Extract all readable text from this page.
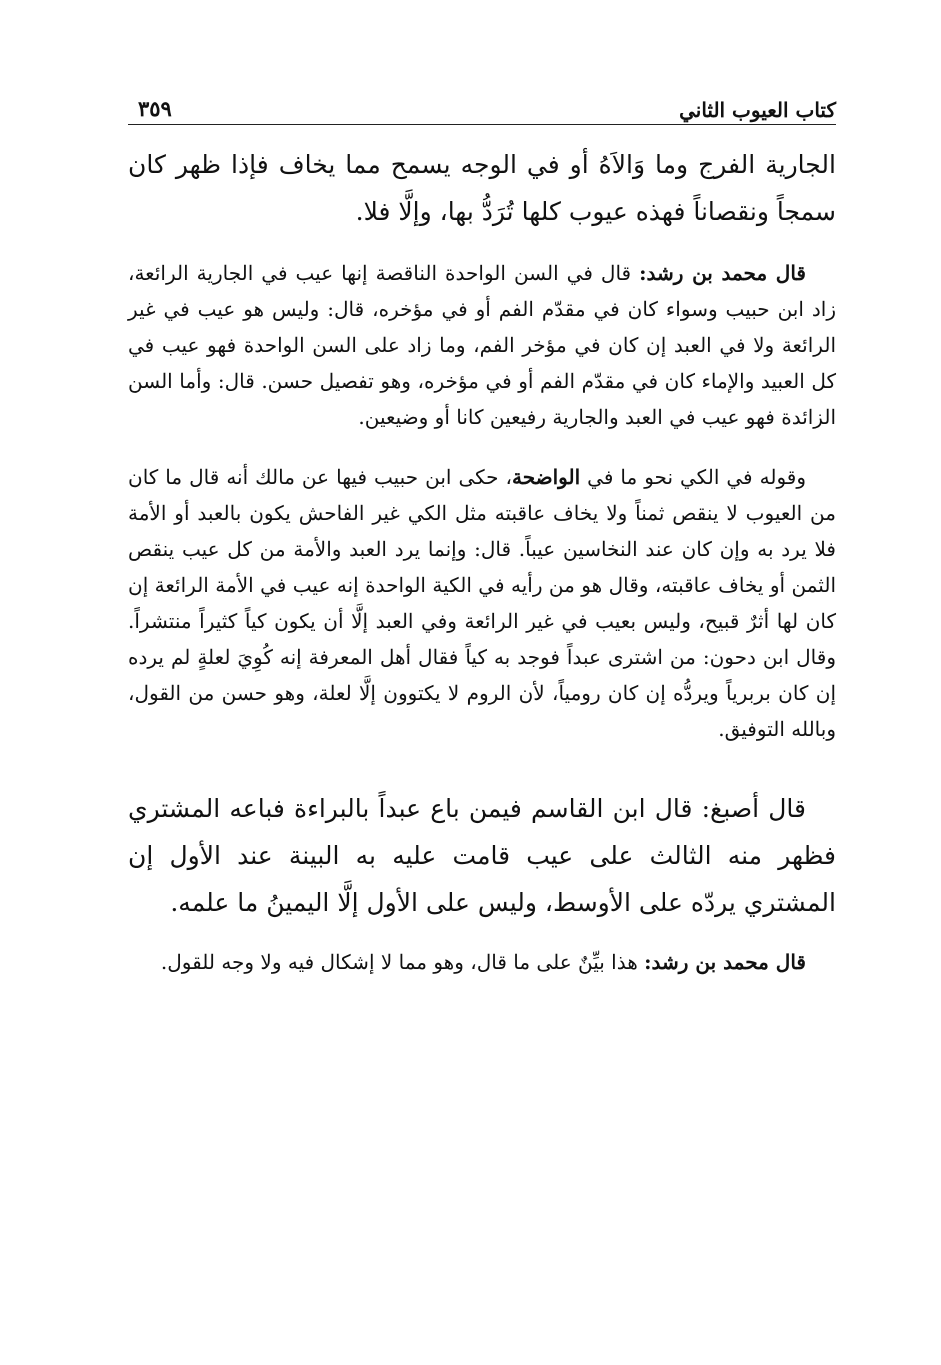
كتاب العيوب الثاني
٣٥٩

الجارية الفرج وما وَالاَهُ أو في الوجه يسمح مما يخاف فإذا ظهر كان سمجاً ونقصاناً فهذه عيوب كلها تُرَدُّ بها، وإلَّا فلا.

قال محمد بن رشد: قال في السن الواحدة الناقصة إنها عيب في الجارية الرائعة، زاد ابن حبيب وسواء كان في مقدّم الفم أو في مؤخره، قال: وليس هو عيب في غير الرائعة ولا في العبد إن كان في مؤخر الفم، وما زاد على السن الواحدة فهو عيب في كل العبيد والإماء كان في مقدّم الفم أو في مؤخره، وهو تفصيل حسن. قال: وأما السن الزائدة فهو عيب في العبد والجارية رفيعين كانا أو وضيعين.

وقوله في الكي نحو ما في الواضحة، حكى ابن حبيب فيها عن مالك أنه قال ما كان من العيوب لا ينقص ثمناً ولا يخاف عاقبته مثل الكي غير الفاحش يكون بالعبد أو الأمة فلا يرد به وإن كان عند النخاسين عيباً. قال: وإنما يرد العبد والأمة من كل عيب ينقص الثمن أو يخاف عاقبته، وقال هو من رأيه في الكية الواحدة إنه عيب في الأمة الرائعة إن كان لها أثرٌ قبيح، وليس بعيب في غير الرائعة وفي العبد إلَّا أن يكون كياً كثيراً منتشراً. وقال ابن دحون: من اشترى عبداً فوجد به كياً فقال أهل المعرفة إنه كُوِيَ لعلةٍ لم يرده إن كان بربرياً ويردُّه إن كان رومياً، لأن الروم لا يكتوون إلَّا لعلة، وهو حسن من القول، وبالله التوفيق.

قال أصبغ: قال ابن القاسم فيمن باع عبداً بالبراءة فباعه المشتري فظهر منه الثالث على عيب قامت عليه به البينة عند الأول إن المشتري يردّه على الأوسط، وليس على الأول إلَّا اليمينُ ما علمه.

قال محمد بن رشد: هذا بيِّنٌ على ما قال، وهو مما لا إشكال فيه ولا وجه للقول.
